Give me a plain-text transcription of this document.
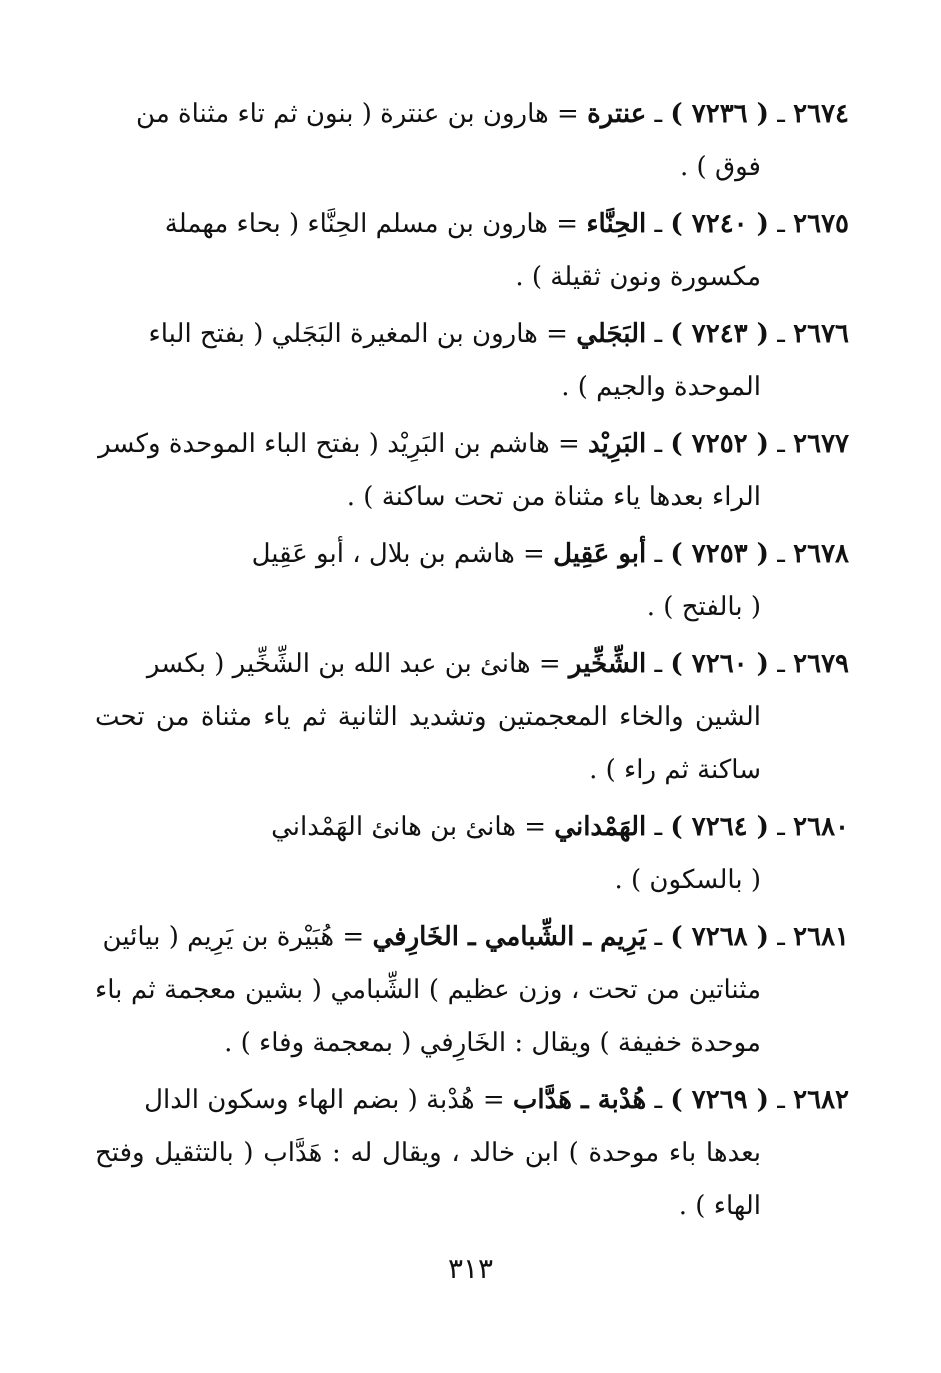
٢٦٧٤ ـ ( ٧٢٣٦ ) ـ عنترة = هارون بن عنترة ( بنون ثم تاء مثناة من
فوق ) .
٢٦٧٥ ـ ( ٧٢٤٠ ) ـ الحِنَّاء = هارون بن مسلم الحِنَّاء ( بحاء مهملة
مكسورة ونون ثقيلة ) .
٢٦٧٦ ـ ( ٧٢٤٣ ) ـ البَجَلي = هارون بن المغيرة البَجَلي ( بفتح الباء
الموحدة والجيم ) .
٢٦٧٧ ـ ( ٧٢٥٢ ) ـ البَرِيْد = هاشم بن البَرِيْد ( بفتح الباء الموحدة وكسر
الراء بعدها ياء مثناة من تحت ساكنة ) .
٢٦٧٨ ـ ( ٧٢٥٣ ) ـ أبو عَقِيل = هاشم بن بلال ، أبو عَقِيل
( بالفتح ) .
٢٦٧٩ ـ ( ٧٢٦٠ ) ـ الشِّخِّير = هانئ بن عبد الله بن الشِّخِّير ( بكسر
الشين والخاء المعجمتين وتشديد الثانية ثم ياء مثناة من تحت ساكنة ثم راء ) .
٢٦٨٠ ـ ( ٧٢٦٤ ) ـ الهَمْداني = هانئ بن هانئ الهَمْداني
( بالسكون ) .
٢٦٨١ ـ ( ٧٢٦٨ ) ـ يَرِيم ـ الشِّبامي ـ الخَارِفي = هُبَيْرة بن يَرِيم ( بيائين
مثناتين من تحت ، وزن عظيم ) الشِّبامي ( بشين معجمة ثم باء موحدة خفيفة ) ويقال : الخَارِفي ( بمعجمة وفاء ) .
٢٦٨٢ ـ ( ٧٢٦٩ ) ـ هُدْبة ـ هَدَّاب = هُدْبة ( بضم الهاء وسكون الدال
بعدها باء موحدة ) ابن خالد ، ويقال له : هَدَّاب ( بالتثقيل وفتح الهاء ) .
٣١٣
